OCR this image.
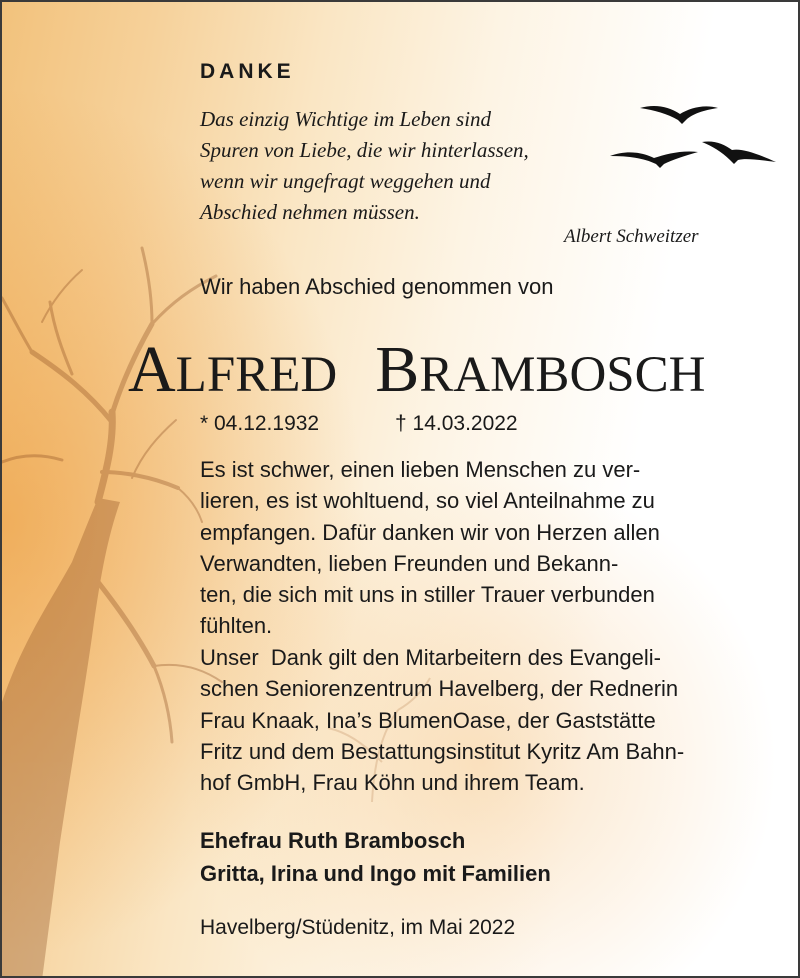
DANKE

Das einzig Wichtige im Leben sind
Spuren von Liebe, die wir hinterlassen,
wenn wir ungefragt weggehen und
Abschied nehmen müssen.

Albert Schweitzer

Wir haben Abschied genommen von

ALFRED BRAMBOSCH

* 04.12.1932	† 14.03.2022

Es ist schwer, einen lieben Menschen zu ver-
lieren, es ist wohltuend, so viel Anteilnahme zu
empfangen. Dafür danken wir von Herzen allen
Verwandten, lieben Freunden und Bekann-
ten, die sich mit uns in stiller Trauer verbunden
fühlten.
Unser  Dank gilt den Mitarbeitern des Evangeli-
schen Seniorenzentrum Havelberg, der Rednerin
Frau Knaak, Ina’s BlumenOase, der Gaststätte
Fritz und dem Bestattungsinstitut Kyritz Am Bahn-
hof GmbH, Frau Köhn und ihrem Team.
Ehefrau Ruth Brambosch
Gritta, Irina und Ingo mit Familien

Havelberg/Stüdenitz, im Mai 2022
